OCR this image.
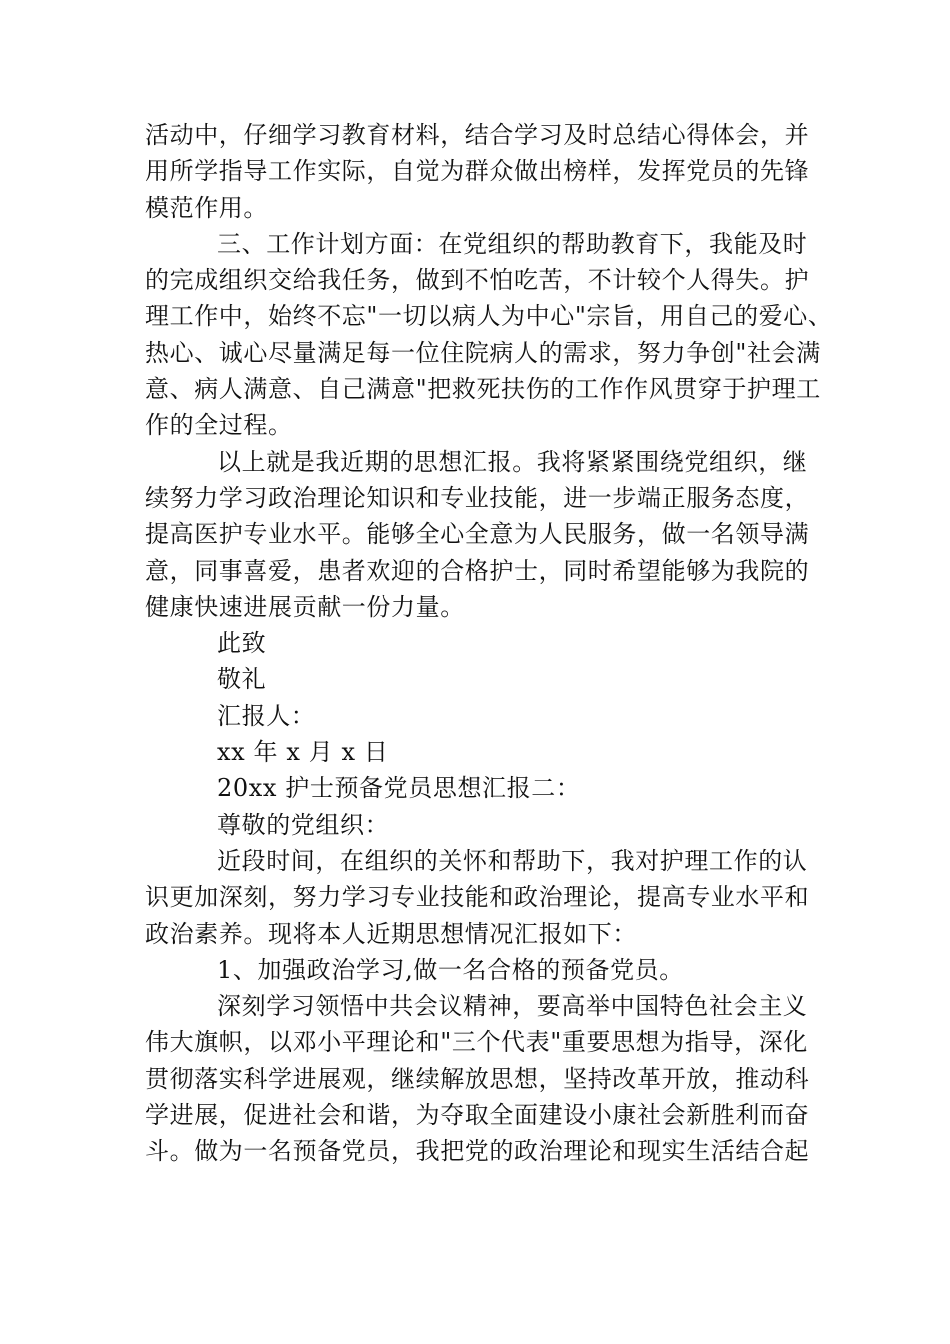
活动中，仔细学习教育材料，结合学习及时总结心得体会，并
用所学指导工作实际，自觉为群众做出榜样，发挥党员的先锋
模范作用。
三、工作计划方面：在党组织的帮助教育下，我能及时
的完成组织交给我任务，做到不怕吃苦，不计较个人得失。护
理工作中，始终不忘"一切以病人为中心"宗旨，用自己的爱心、
热心、诚心尽量满足每一位住院病人的需求，努力争创"社会满
意、病人满意、自己满意"把救死扶伤的工作作风贯穿于护理工
作的全过程。
以上就是我近期的思想汇报。我将紧紧围绕党组织，继
续努力学习政治理论知识和专业技能，进一步端正服务态度，
提高医护专业水平。能够全心全意为人民服务，做一名领导满
意，同事喜爱，患者欢迎的合格护士，同时希望能够为我院的
健康快速进展贡献一份力量。
此致
敬礼
汇报人：
xx 年 x 月 x 日
20xx 护士预备党员思想汇报二：
尊敬的党组织：
近段时间，在组织的关怀和帮助下，我对护理工作的认
识更加深刻，努力学习专业技能和政治理论，提高专业水平和
政治素养。现将本人近期思想情况汇报如下：
1、加强政治学习,做一名合格的预备党员。
深刻学习领悟中共会议精神，要高举中国特色社会主义
伟大旗帜，以邓小平理论和"三个代表"重要思想为指导，深化
贯彻落实科学进展观，继续解放思想，坚持改革开放，推动科
学进展，促进社会和谐，为夺取全面建设小康社会新胜利而奋
斗。做为一名预备党员，我把党的政治理论和现实生活结合起
